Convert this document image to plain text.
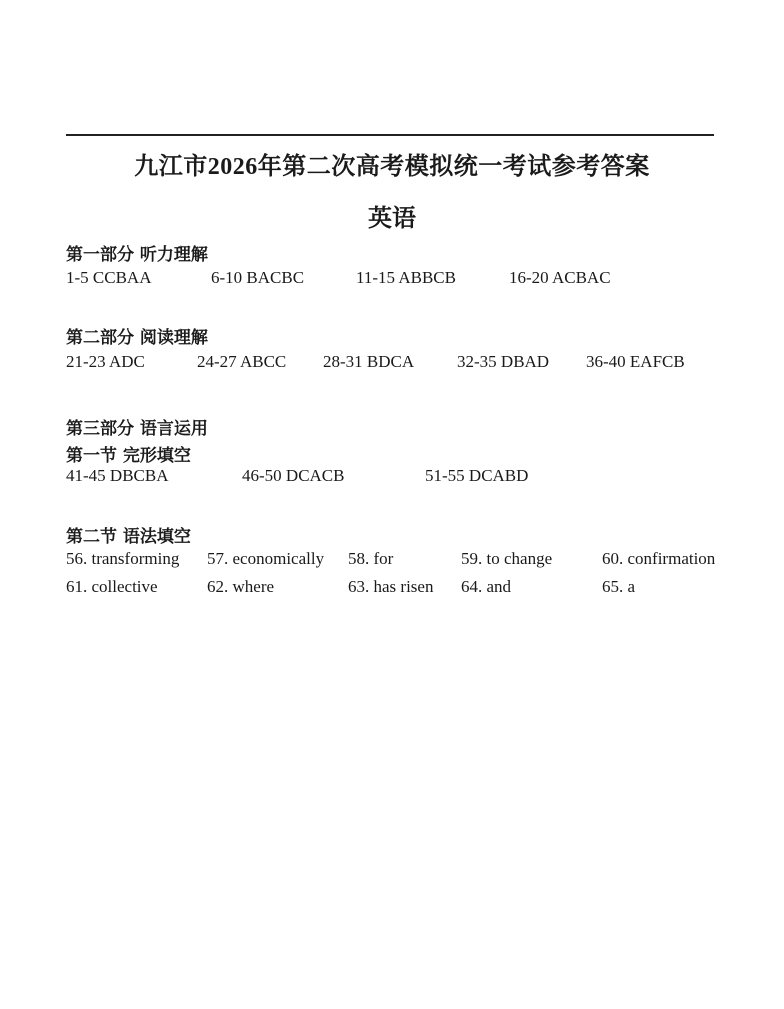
九江市2026年第二次高考模拟统一考试参考答案
英语
第一部分 听力理解
1-5 CCBAA	6-10 BACBC	11-15 ABBCB	16-20 ACBAC
第二部分 阅读理解
21-23 ADC	24-27 ABCC 28-31 BDCA	32-35 DBAD 36-40 EAFCB
第三部分 语言运用
第一节 完形填空
41-45 DBCBA	46-50 DCACB	51-55 DCABD
第二节 语法填空
56. transforming 57. economically 58. for	59. to change	60. confirmation
61. collective	62. where	63. has risen 64. and	65. a
